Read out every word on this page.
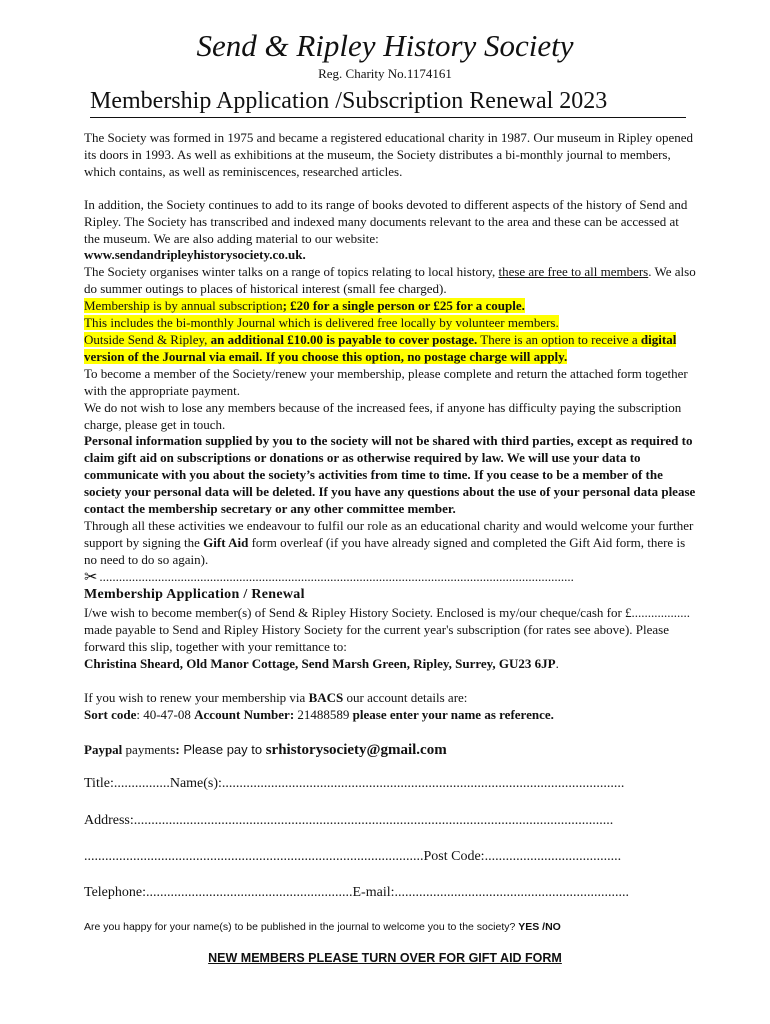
Send & Ripley History Society
Reg. Charity No.1174161
Membership Application /Subscription Renewal 2023

The Society was formed in 1975 and became a registered educational charity in 1987. Our museum in Ripley opened its doors in 1993. As well as exhibitions at the museum, the Society distributes a bi-monthly journal to members, which contains, as well as reminiscences, researched articles.

In addition, the Society continues to add to its range of books devoted to different aspects of the history of Send and Ripley. The Society has transcribed and indexed many documents relevant to the area and these can be accessed at the museum. We are also adding material to our website:

www.sendandripleyhistorysociety.co.uk.

The Society organises winter talks on a range of topics relating to local history, these are free to all members. We also do summer outings to places of historical interest (small fee charged).

Membership is by annual subscription; £20 for a single person or £25 for a couple.

This includes the bi-monthly Journal which is delivered free locally by volunteer members.

Outside Send & Ripley, an additional £10.00 is payable to cover postage. There is an option to receive a digital version of the Journal via email. If you choose this option, no postage charge will apply.

To become a member of the Society/renew your membership, please complete and return the attached form together with the appropriate payment.

We do not wish to lose any members because of the increased fees, if anyone has difficulty paying the subscription charge, please get in touch.

Personal information supplied by you to the society will not be shared with third parties, except as required to claim gift aid on subscriptions or donations or as otherwise required by law. We will use your data to communicate with you about the society’s activities from time to time. If you cease to be a member of the society your personal data will be deleted. If you have any questions about the use of your personal data please contact the membership secretary or any other committee member.

Through all these activities we endeavour to fulfil our role as an educational charity and would welcome your further support by signing the Gift Aid form overleaf (if you have already signed and completed the Gift Aid form, there is no need to do so again).

✂ ..................................................................................................................................................
Membership Application / Renewal

I/we wish to become member(s) of Send & Ripley History Society. Enclosed is my/our cheque/cash for £.................. made payable to Send and Ripley History Society for the current year's subscription (for rates see above). Please forward this slip, together with your remittance to:

Christina Sheard, Old Manor Cottage, Send Marsh Green, Ripley, Surrey, GU23 6JP.

If you wish to renew your membership via BACS our account details are:

Sort code: 40-47-08 Account Number: 21488589 please enter your name as reference.

Paypal payments: Please pay to srhistorysociety@gmail.com
Title:................Name(s):...................................................................................................................
Address:.........................................................................................................................................
.................................................................................................Post Code:.......................................
Telephone:...........................................................E-mail:...................................................................
Are you happy for your name(s) to be published in the journal to welcome you to the society? YES /NO
NEW MEMBERS PLEASE TURN OVER FOR GIFT AID FORM
